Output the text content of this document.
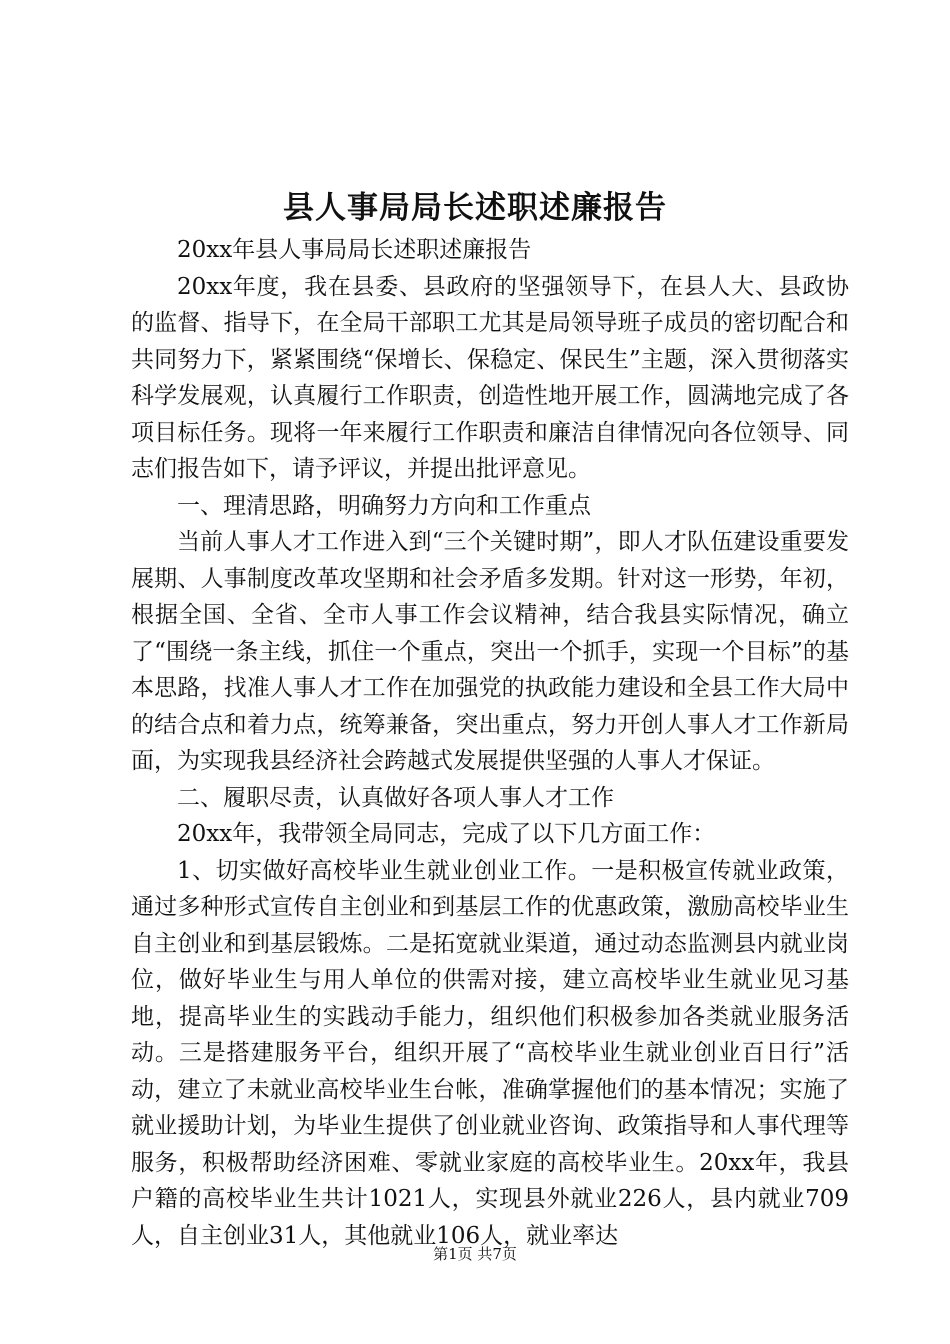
县人事局局长述职述廉报告

20xx年县人事局局长述职述廉报告

20xx年度，我在县委、县政府的坚强领导下，在县人大、县政协的监督、指导下，在全局干部职工尤其是局领导班子成员的密切配合和共同努力下，紧紧围绕“保增长、保稳定、保民生”主题，深入贯彻落实科学发展观，认真履行工作职责，创造性地开展工作，圆满地完成了各项目标任务。现将一年来履行工作职责和廉洁自律情况向各位领导、同志们报告如下，请予评议，并提出批评意见。

一、理清思路，明确努力方向和工作重点

当前人事人才工作进入到“三个关键时期”，即人才队伍建设重要发展期、人事制度改革攻坚期和社会矛盾多发期。针对这一形势，年初，根据全国、全省、全市人事工作会议精神，结合我县实际情况，确立了“围绕一条主线，抓住一个重点，突出一个抓手，实现一个目标”的基本思路，找准人事人才工作在加强党的执政能力建设和全县工作大局中的结合点和着力点，统筹兼备，突出重点，努力开创人事人才工作新局面，为实现我县经济社会跨越式发展提供坚强的人事人才保证。

二、履职尽责，认真做好各项人事人才工作

20xx年，我带领全局同志，完成了以下几方面工作：

1、切实做好高校毕业生就业创业工作。一是积极宣传就业政策，通过多种形式宣传自主创业和到基层工作的优惠政策，激励高校毕业生自主创业和到基层锻炼。二是拓宽就业渠道，通过动态监测县内就业岗位，做好毕业生与用人单位的供需对接，建立高校毕业生就业见习基地，提高毕业生的实践动手能力，组织他们积极参加各类就业服务活动。三是搭建服务平台，组织开展了“高校毕业生就业创业百日行”活动，建立了未就业高校毕业生台帐，准确掌握他们的基本情况；实施了就业援助计划，为毕业生提供了创业就业咨询、政策指导和人事代理等服务，积极帮助经济困难、零就业家庭的高校毕业生。20xx年，我县户籍的高校毕业生共计1021人，实现县外就业226人，县内就业709人，自主创业31人，其他就业106人，就业率达

第1页 共7页
